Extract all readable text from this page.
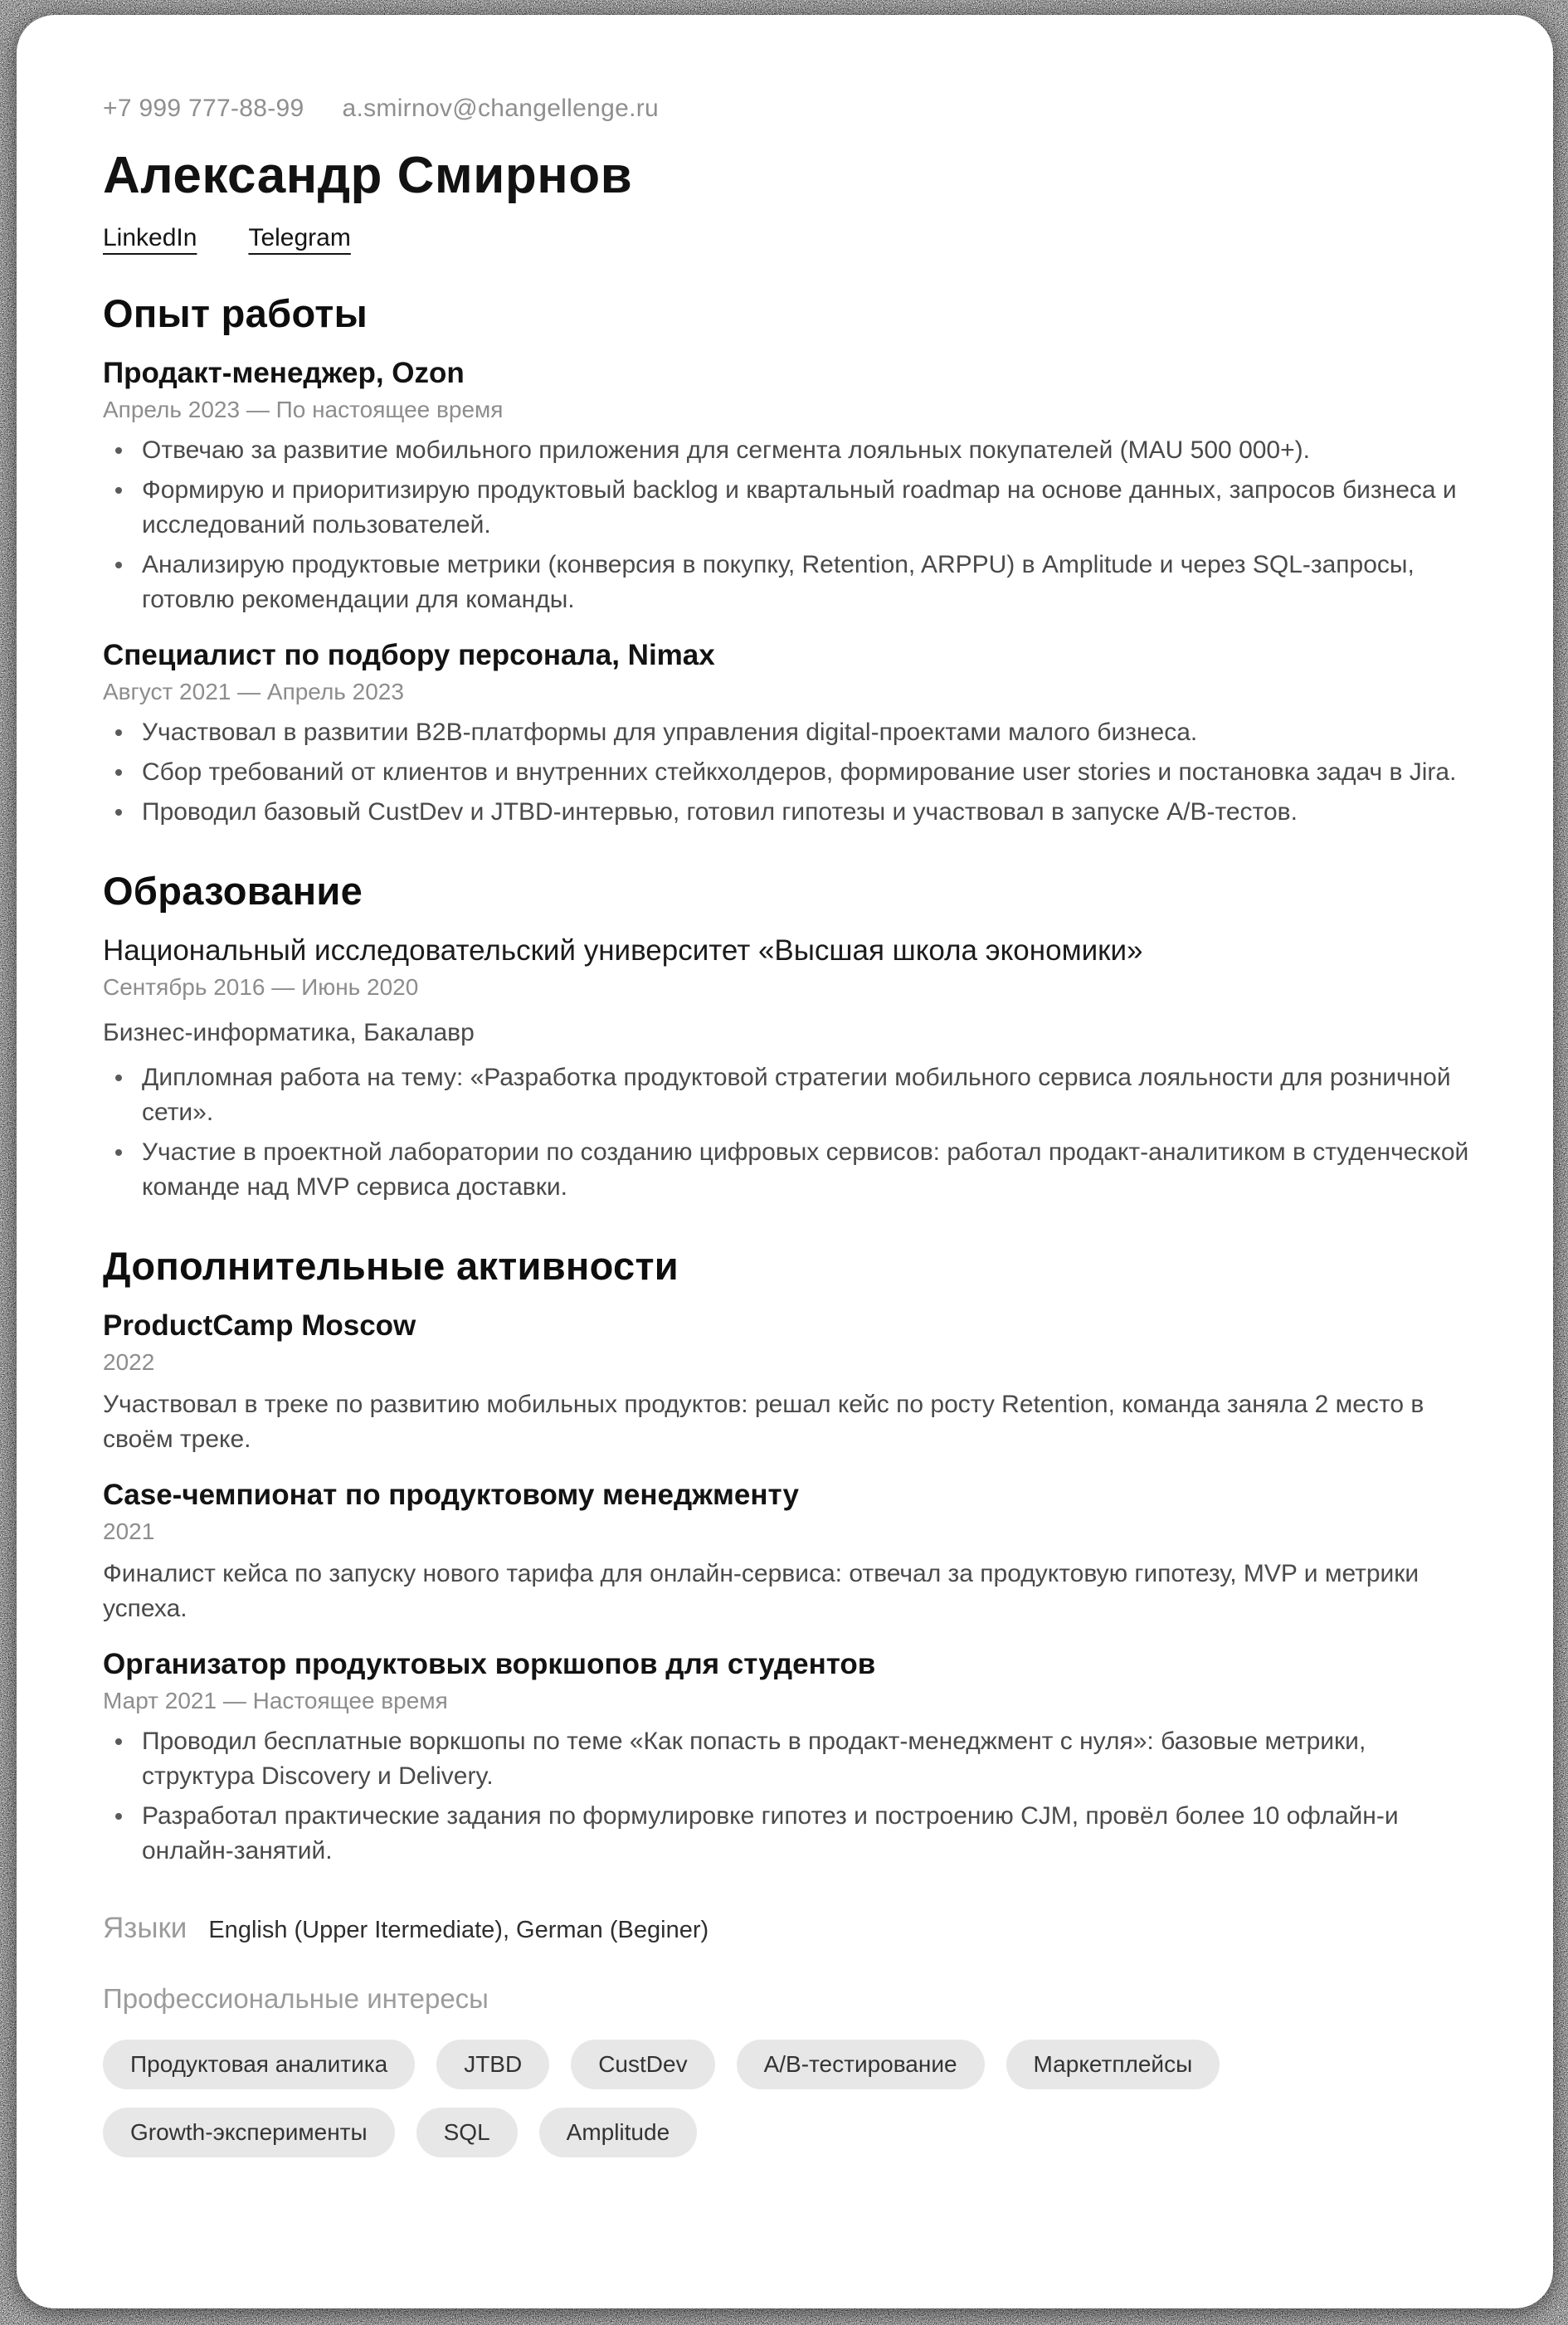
+7 999 777-88-99 a.smirnov@changellenge.ru
Александр Смирнов
LinkedIn Telegram
Опыт работы
Продакт-менеджер, Ozon
Апрель 2023 — По настоящее время
Отвечаю за развитие мобильного приложения для сегмента лояльных покупателей (MAU 500 000+).
Формирую и приоритизирую продуктовый backlog и квартальный roadmap на основе данных, запросов бизнеса и исследований пользователей.
Анализирую продуктовые метрики (конверсия в покупку, Retention, ARPPU) в Amplitude и через SQL-запросы, готовлю рекомендации для команды.
Специалист по подбору персонала, Nimax
Август 2021 — Апрель 2023
Участвовал в развитии B2B-платформы для управления digital-проектами малого бизнеса.
Сбор требований от клиентов и внутренних стейкхолдеров, формирование user stories и постановка задач в Jira.
Проводил базовый CustDev и JTBD-интервью, готовил гипотезы и участвовал в запуске A/B-тестов.
Образование
Национальный исследовательский университет «Высшая школа экономики»
Сентябрь 2016 — Июнь 2020
Бизнес-информатика, Бакалавр
Дипломная работа на тему: «Разработка продуктовой стратегии мобильного сервиса лояльности для розничной сети».
Участие в проектной лаборатории по созданию цифровых сервисов: работал продакт-аналитиком в студенческой команде над MVP сервиса доставки.
Дополнительные активности
ProductCamp Moscow
2022

Участвовал в треке по развитию мобильных продуктов: решал кейс по росту Retention, команда заняла 2 место в своём треке.

Case-чемпионат по продуктовому менеджменту
2021

Финалист кейса по запуску нового тарифа для онлайн-сервиса: отвечал за продуктовую гипотезу, MVP и метрики успеха.

Организатор продуктовых воркшопов для студентов
Март 2021 — Настоящее время
Проводил бесплатные воркшопы по теме «Как попасть в продакт-менеджмент с нуля»: базовые метрики, структура Discovery и Delivery.
Разработал практические задания по формулировке гипотез и построению CJM, провёл более 10 офлайн-и онлайн-занятий.
Языки English (Upper Itermediate), German (Beginer)
Профессиональные интересы
Продуктовая аналитика	JTBD	CustDev	A/B-тестирование	Маркетплейсы
Growth-эксперименты	SQL	Amplitude
